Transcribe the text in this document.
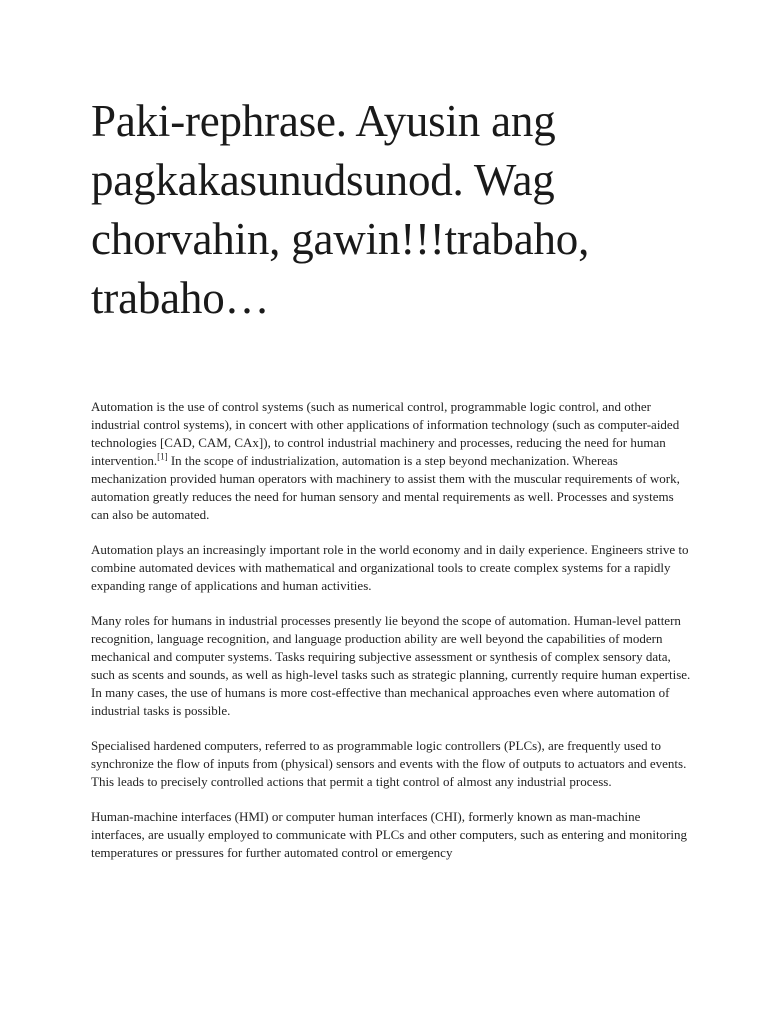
Paki-rephrase. Ayusin ang pagkakasunudsunod. Wag chorvahin, gawin!!!trabaho, trabaho…

Automation is the use of control systems (such as numerical control, programmable logic control, and other industrial control systems), in concert with other applications of information technology (such as computer-aided technologies [CAD, CAM, CAx]), to control industrial machinery and processes, reducing the need for human intervention.[1] In the scope of industrialization, automation is a step beyond mechanization. Whereas mechanization provided human operators with machinery to assist them with the muscular requirements of work, automation greatly reduces the need for human sensory and mental requirements as well. Processes and systems can also be automated.

Automation plays an increasingly important role in the world economy and in daily experience. Engineers strive to combine automated devices with mathematical and organizational tools to create complex systems for a rapidly expanding range of applications and human activities.

Many roles for humans in industrial processes presently lie beyond the scope of automation. Human-level pattern recognition, language recognition, and language production ability are well beyond the capabilities of modern mechanical and computer systems. Tasks requiring subjective assessment or synthesis of complex sensory data, such as scents and sounds, as well as high-level tasks such as strategic planning, currently require human expertise. In many cases, the use of humans is more cost-effective than mechanical approaches even where automation of industrial tasks is possible.

Specialised hardened computers, referred to as programmable logic controllers (PLCs), are frequently used to synchronize the flow of inputs from (physical) sensors and events with the flow of outputs to actuators and events. This leads to precisely controlled actions that permit a tight control of almost any industrial process.

Human-machine interfaces (HMI) or computer human interfaces (CHI), formerly known as man-machine interfaces, are usually employed to communicate with PLCs and other computers, such as entering and monitoring temperatures or pressures for further automated control or emergency
